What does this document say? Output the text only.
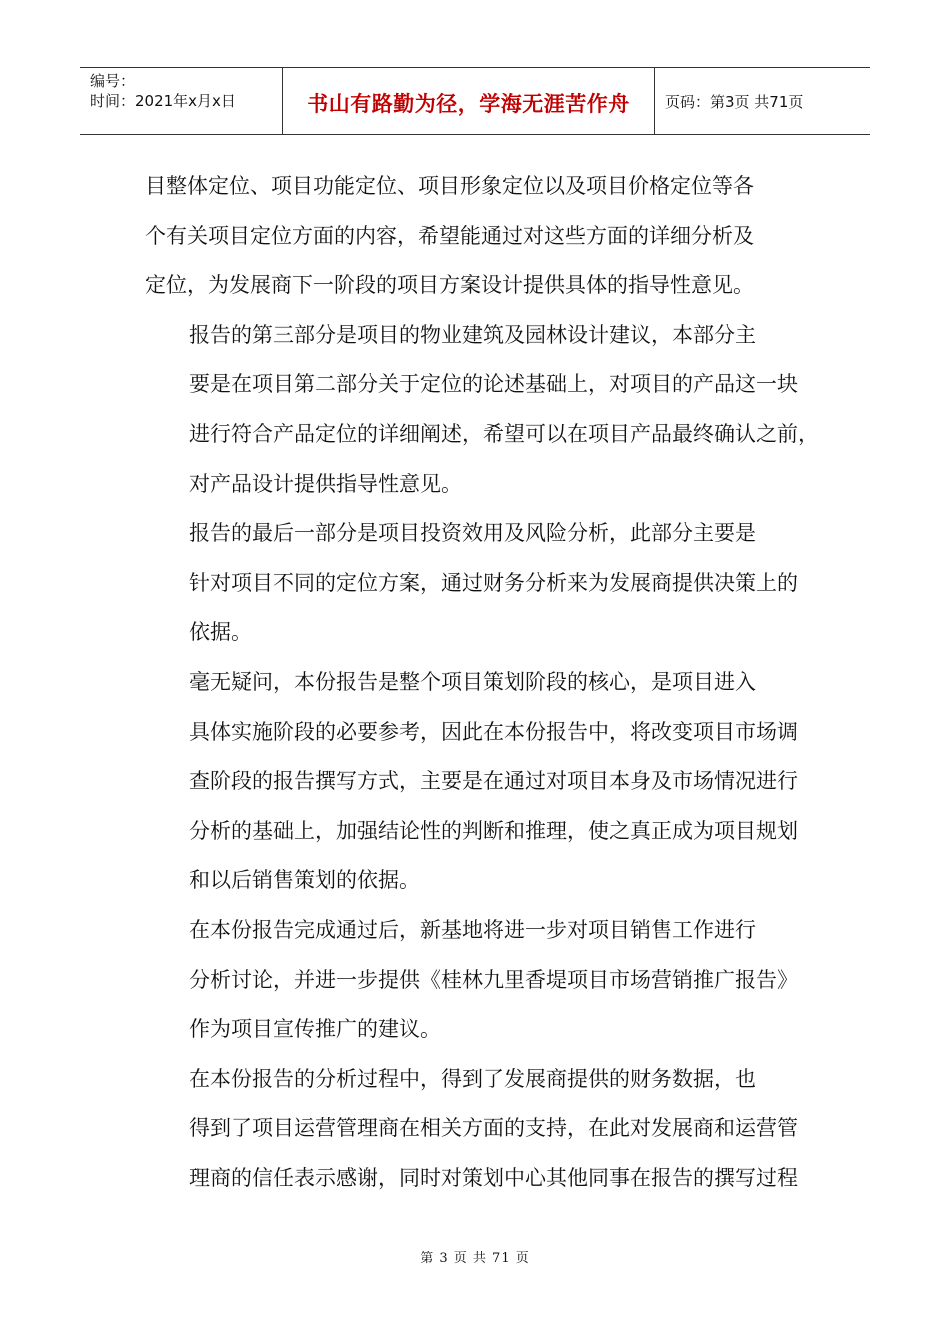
编号：
时间：2021年x月x日	书山有路勤为径，学海无涯苦作舟 页码：第3页 共71页

目整体定位、项目功能定位、项目形象定位以及项目价格定位等各
个有关项目定位方面的内容，希望能通过对这些方面的详细分析及
定位，为发展商下一阶段的项目方案设计提供具体的指导性意见。

报告的第三部分是项目的物业建筑及园林设计建议，本部分主
要是在项目第二部分关于定位的论述基础上，对项目的产品这一块
进行符合产品定位的详细阐述，希望可以在项目产品最终确认之前，
对产品设计提供指导性意见。

报告的最后一部分是项目投资效用及风险分析，此部分主要是
针对项目不同的定位方案，通过财务分析来为发展商提供决策上的
依据。

毫无疑问，本份报告是整个项目策划阶段的核心，是项目进入
具体实施阶段的必要参考，因此在本份报告中，将改变项目市场调
查阶段的报告撰写方式，主要是在通过对项目本身及市场情况进行
分析的基础上，加强结论性的判断和推理，使之真正成为项目规划
和以后销售策划的依据。

在本份报告完成通过后，新基地将进一步对项目销售工作进行
分析讨论，并进一步提供《桂林九里香堤项目市场营销推广报告》
作为项目宣传推广的建议。

在本份报告的分析过程中，得到了发展商提供的财务数据，也
得到了项目运营管理商在相关方面的支持，在此对发展商和运营管
理商的信任表示感谢，同时对策划中心其他同事在报告的撰写过程

第 3 页 共 71 页
